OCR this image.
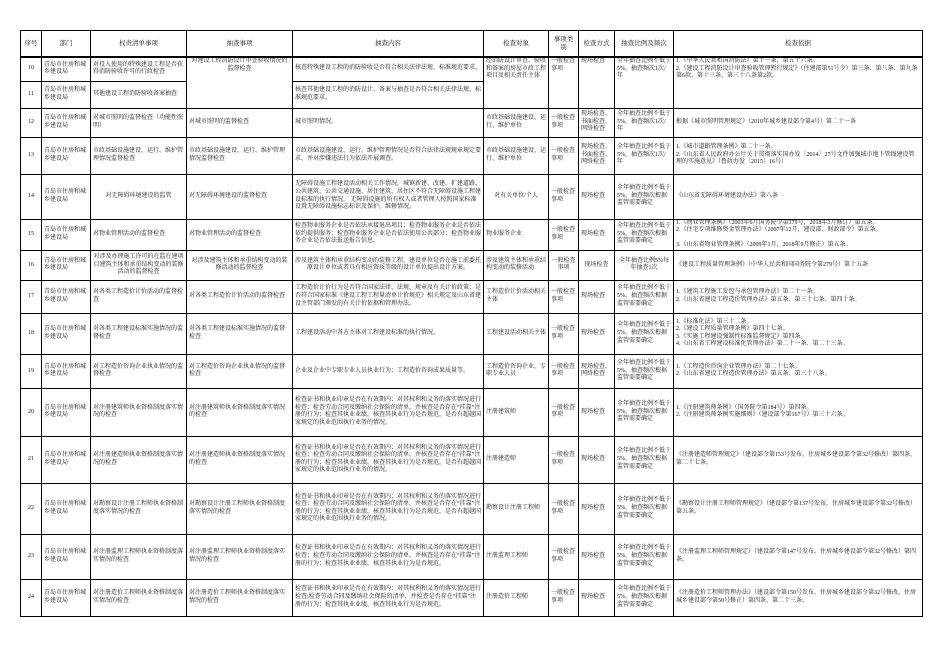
序号	部门	权责清单事项	抽查事项	抽查内容	检查对象	事项类别	检查方式	抽查比例及频次	检查依据
10	青岛市住房和城乡建设局	对投入使用的特殊建设工程是否获得消防验收许可的行政检查	对建设工程消防设计审查验收情况的监督检查	核查特殊建设工程的消防验收是否符合相关法律法规、标准规范要求。	经消防设计审查、验收和备案的房屋市政工程项目及相关责任主体	一般检查事项	现场检查	全年抽查比例不低于5%，抽查频次1次/年	1.《中华人民共和国消防法》第十一条、第五十六条。
2.《建设工程消防设计审查验收管理暂行规定》（住建部第51号令）第三条、第八条、第九条第6款、第十三条、第三十八条第2款。
11	青岛市住房和城乡建设局	其他建设工程消防验收备案抽查		核查其他建设工程的消防设计、备案与抽查是否符合相关法律法规、标准规范要求。					
12	青岛市住房和城乡建设局	对城市照明的监督检查（功能性照明）	对城市照明的监督检查	城市照明情况。	市政基础设施建设、运行、维护单位	一般检查事项	现场检查、书面检查、网络检查	全年抽查比例不低于5%，抽查频次1次/年	根据《城市照明管理规定》（2010年城乡建设部令第4号）第二十一条
13	青岛市住房和城乡建设局	市政基础设施建设、运行、维护管理情况监督检查	市政基础设施建设、运行、维护管理情况监督检查	市政基础设施建设、运行、维护管理情况是否符合法律法规规章规定要求，并对涉嫌违法行为依法开展调查。	市政基础设施建设、运行、维护单位	一般检查事项	现场检查、书面检查、网络检查	全年抽查比例不低于5%，抽查频次1次/年	1.《城市道路管理条例》第二十一条。
2.《山东省人民政府办公厅关于贯彻落实国办发〔2014〕27号文件加强城市地下管线建设管理的实施意见》（鲁政办发〔2015〕16号）
14	青岛市住房和城乡建设局	对无障碍环境建设的监管	对无障碍环境建设的监督检查	无障碍设施工程建设活动相关工作情况。城镇新建、改建、扩建道路、公共建筑、公共交通设施、居住建筑、居住区不符合无障碍设施工程建设标准的执行情况。 无障碍设施的所有权人或者管理人按照国家标准设置无障碍设施标志标识及保护、维修情况。	对有关单位/个人	一般检查事项	现场检查	全年抽查比例不低于5%，抽查频次根据监管需要确定	《山东省无障碍环境建设办法》第八条
15	青岛市住房和城乡建设局	对物业管理活动的监督检查	对物业管理活动的监督检查	检查物业服务企业是否依法承接退出项目；检查物业服务企业是否依法依约提供服务；检查物业服务企业是否依法使用公共部分；检查物业服务企业是否依法报送报告信息。	物业服务企业	一般检查事项	现场检查	全年抽查比例不低于5%，抽查频次根据监管需要确定	1.《物业管理条例》（2003年6月国务院令第379号，2018年3月修订）第五条。
2.《住宅专项维修资金管理办法》（2007年12月，建设部、财政部令）第五条。

3.《山东省物业管理条例》（2009年1月，2018年9月修正）第五条。
16	青岛市住房和城乡建设局	对涉及办理施工许可的在监在建项目建筑主体和承重结构变动的装修活动的监督检查	对涉及建筑主体和承重结构变动的装修活动的监督检查	涉及建筑主体和承重结构变动的装修工程，建设单位是否在施工前委托原设计单位或者具有相应资质等级的设计单位提出设计方案。	涉及建筑主体和承重结构变动的装修活动	一般检查事项	现场检查	全年抽查比例5%每年抽查1次	《建设工程质量管理条例》（中华人民共和国国务院令第279号）第十五条
17	青岛市住房和城乡建设局	对各类工程造价计价活动的监督检查	对各类工程造价计价活动的监督检查	工程造价计价行为是否符合国家法律、法规、规章及有关计价政策；是否符合国家标准《建设工程工程量清单计价规范》相关规定及山东省建设主管部门颁发的有关计价依据和管理办法。	工程造价计价活动相关主体	一般检查事项	现场检查	全年抽查比例不低于5%，抽查频次根据监管需要确定	1.《建筑工程施工发包与承包管理办法》第二十一条。
2.《山东省建设工程造价管理办法》第五条、第三十七条、第四十条。
18	青岛市住房和城乡建设局	对各类工程建设标准实施情况的监督检查	对各类工程建设标准实施情况的监督检查	工程建设活动中各方主体对工程建设标准的执行情况。	工程建设活动相关主体	一般检查事项	现场检查	全年抽查比例不低于5%，抽查频次根据监管需要确定	1.《标准化法》第三十二条。
2.《建设工程质量管理条例》第四十七条。
3.《实施工程建设强制性标准监督规定》第四条。
4.《山东省工程建设标准化管理办法》第二十一条、第二十三条。
19	青岛市住房和城乡建设局	对工程造价咨询企业执业情况的监督检查	对工程造价咨询企业执业情况的监督检查	企业及企业中专职专业人员执业行为；工程造价咨询成果质量等。	工程造价咨询企业、专职专业人员	一般检查事项	现场检查、网络检查	全年抽查比例不低于5%，抽查频次根据监管需要确定	1.《工程造价咨询企业管理办法》第二十七条。
2.《山东省建设工程造价管理办法》第五条、第三十八条。
20	青岛市住房和城乡建设局	对注册建筑师执业资格制度落实情况的检查	对注册建筑师执业资格制度落实情况的检查	检查证书和执业印章是否在有效期内；对其权利和义务的落实情况进行检查；检查劳动合同及缴纳社会保险的清单，并核查是否存在“挂靠”注册的行为；检查其执业业绩，核查其执业行为是否规范，是否有超越国家规定的执业范围执行业务的情况。	注册建筑师	一般检查事项	现场检查	全年抽查比例不低于5%，抽查频次根据监管需要确定	1.《注册建筑师条例》（国务院令第184号）第四条。
2.《注册建筑师条例实施细则》（建设部令第167号）第三十六条。
21	青岛市住房和城乡建设局	对注册建造师执业资格制度落实情况的检查	对注册建造师执业资格制度落实情况的检查	检查证书和执业印章是否在有效期内；对其权利和义务的落实情况进行检查；检查劳动合同及缴纳社会保险的清单，并核查是否存在“挂靠”注册的行为；检查其执业业绩，核查其执业行为是否规范，是否有超越国家规定的执业范围执行业务的情况。	注册建造师	一般检查事项	现场检查	全年抽查比例不低于5%，抽查频次根据监管需要确定	《注册建造师管理规定》（建设部令第153号发布，住房城乡建设部令第32号修改）第四条、第二十七条。
22	青岛市住房和城乡建设局	对勘察设计注册工程师执业资格制度落实情况的检查	对勘察设计注册工程师执业资格制度落实情况的检查	检查证书和执业印章是否在有效期内；对其权利和义务的落实情况进行检查；检查劳动合同及缴纳社会保险的清单，并核查是否存在“挂靠”注册的行为；检查其执业业绩，核查其执业行为是否规范，是否有超越国家规定的执业范围执行业务的情况。	勘察设计注册工程师	一般检查事项	现场检查	全年抽查比例不低于5%，抽查频次根据监管需要确定	《勘察设计注册工程师管理规定》（建设部令第137号发布，住房城乡建设部令第32号修改）第五条。
23	青岛市住房和城乡建设局	对注册监理工程师执业资格制度落实情况的检查	对注册监理工程师执业资格制度落实情况的检查	检查证书和执业印章是否在有效期内；对其权利和义务的落实情况进行检查；检查劳动合同及缴纳社会保险的清单，并核查是否存在“挂靠”注册的行为；检查其执业业绩，核查其执业行为是否规范。	注册监理工程师	一般检查事项	现场检查	全年抽查比例不低于5%，抽查频次根据监管需要确定	《注册监理工程师管理规定》（建设部令第147号发布，住房城乡建设部令第32号修改）第四条。
24	青岛市住房和城乡建设局	对注册造价工程师执业资格制度落实情况的检查	对注册造价工程师执业资格制度落实情况的检查	检查证书和执业印章是否在有效期内；对其权利和义务的落实情况进行检查;检查劳动合同及缴纳社会保险的清单，并检查是否存在“挂靠”注册的行为；检查其执业业绩，核查其执业行为是否规范。	注册造价工程师	一般检查事项	现场检查	全年抽查比例不低于5%，抽查频次根据监管需要确定	《注册造价工程师管理办法》（建设部令第150号发布，住房城乡建设部令第32号修改，住房城乡建设部令第50号修正）第四条、第二十三条。
